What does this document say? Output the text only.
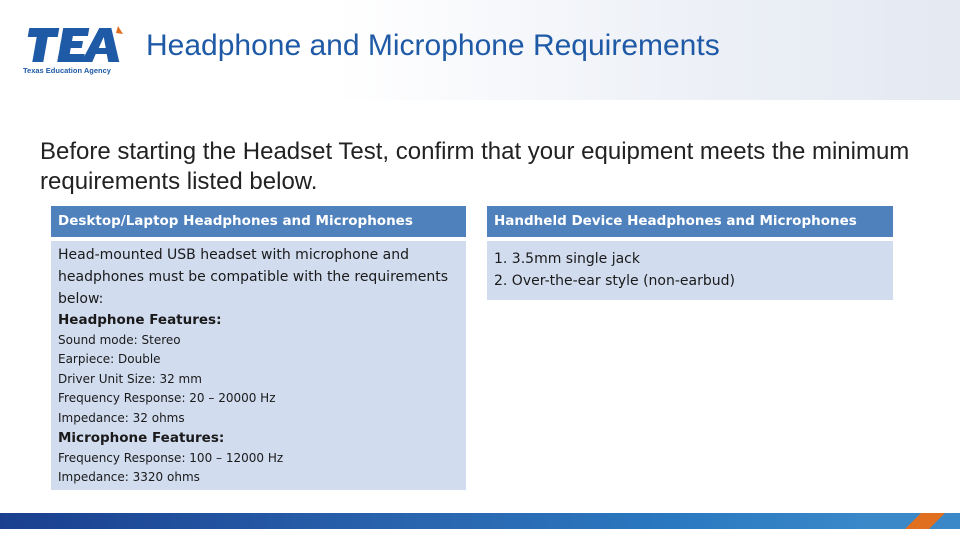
Texas Education Agency
Headphone and Microphone Requirements
Before starting the Headset Test, confirm that your equipment meets the minimum requirements listed below.
Desktop/Laptop Headphones and Microphones
Head-mounted USB headset with microphone and headphones must be compatible with the requirements below:
Headphone Features:
Sound mode: Stereo
Earpiece: Double
Driver Unit Size: 32 mm
Frequency Response: 20 – 20000 Hz
Impedance: 32 ohms
Microphone Features:
Frequency Response: 100 – 12000 Hz
Impedance: 3320 ohms
Handheld Device Headphones and Microphones
1. 3.5mm single jack
2. Over-the-ear style (non-earbud)
